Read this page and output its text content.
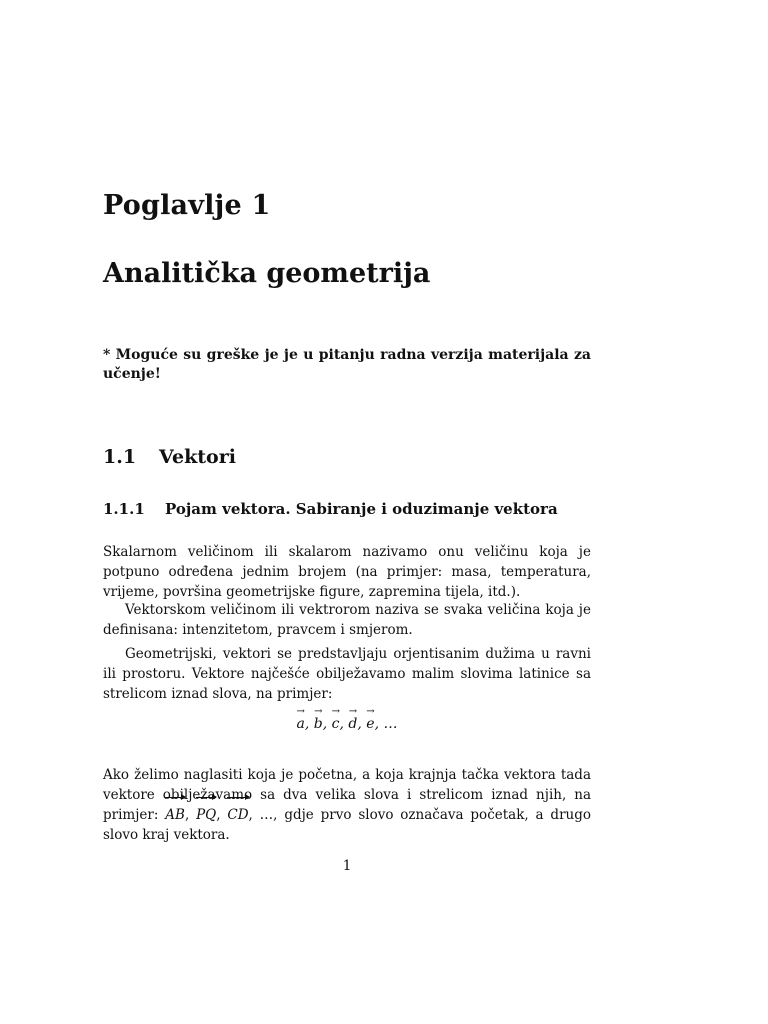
Poglavlje 1
Analitička geometrija
* Moguće su greške je je u pitanju radna verzija materijala za učenje!
1.1 Vektori
1.1.1 Pojam vektora. Sabiranje i oduzimanje vektora
Skalarnom veličinom ili skalarom nazivamo onu veličinu koja je potpuno određena jednim brojem (na primjer: masa, temperatura, vrijeme, površina geometrijske figure, zapremina tijela, itd.).
Vektorskom veličinom ili vektrorom naziva se svaka veličina koja je definisana: intenzitetom, pravcem i smjerom.
Geometrijski, vektori se predstavljaju orjentisanim dužima u ravni ili prostoru. Vektore najčešće obilježavamo malim slovima latinice sa strelicom iznad slova, na primjer:
→
a,
→
b,
→
c,
→
d,
→
e, …
Ako želimo naglasiti koja je početna, a koja krajnja tačka vektora tada vektore obilježavamo sa dva velika slova i strelicom iznad njih, na primjer: AB,
PQ,
CD, …, gdje prvo slovo označava početak, a drugo slovo kraj vektora.
1
